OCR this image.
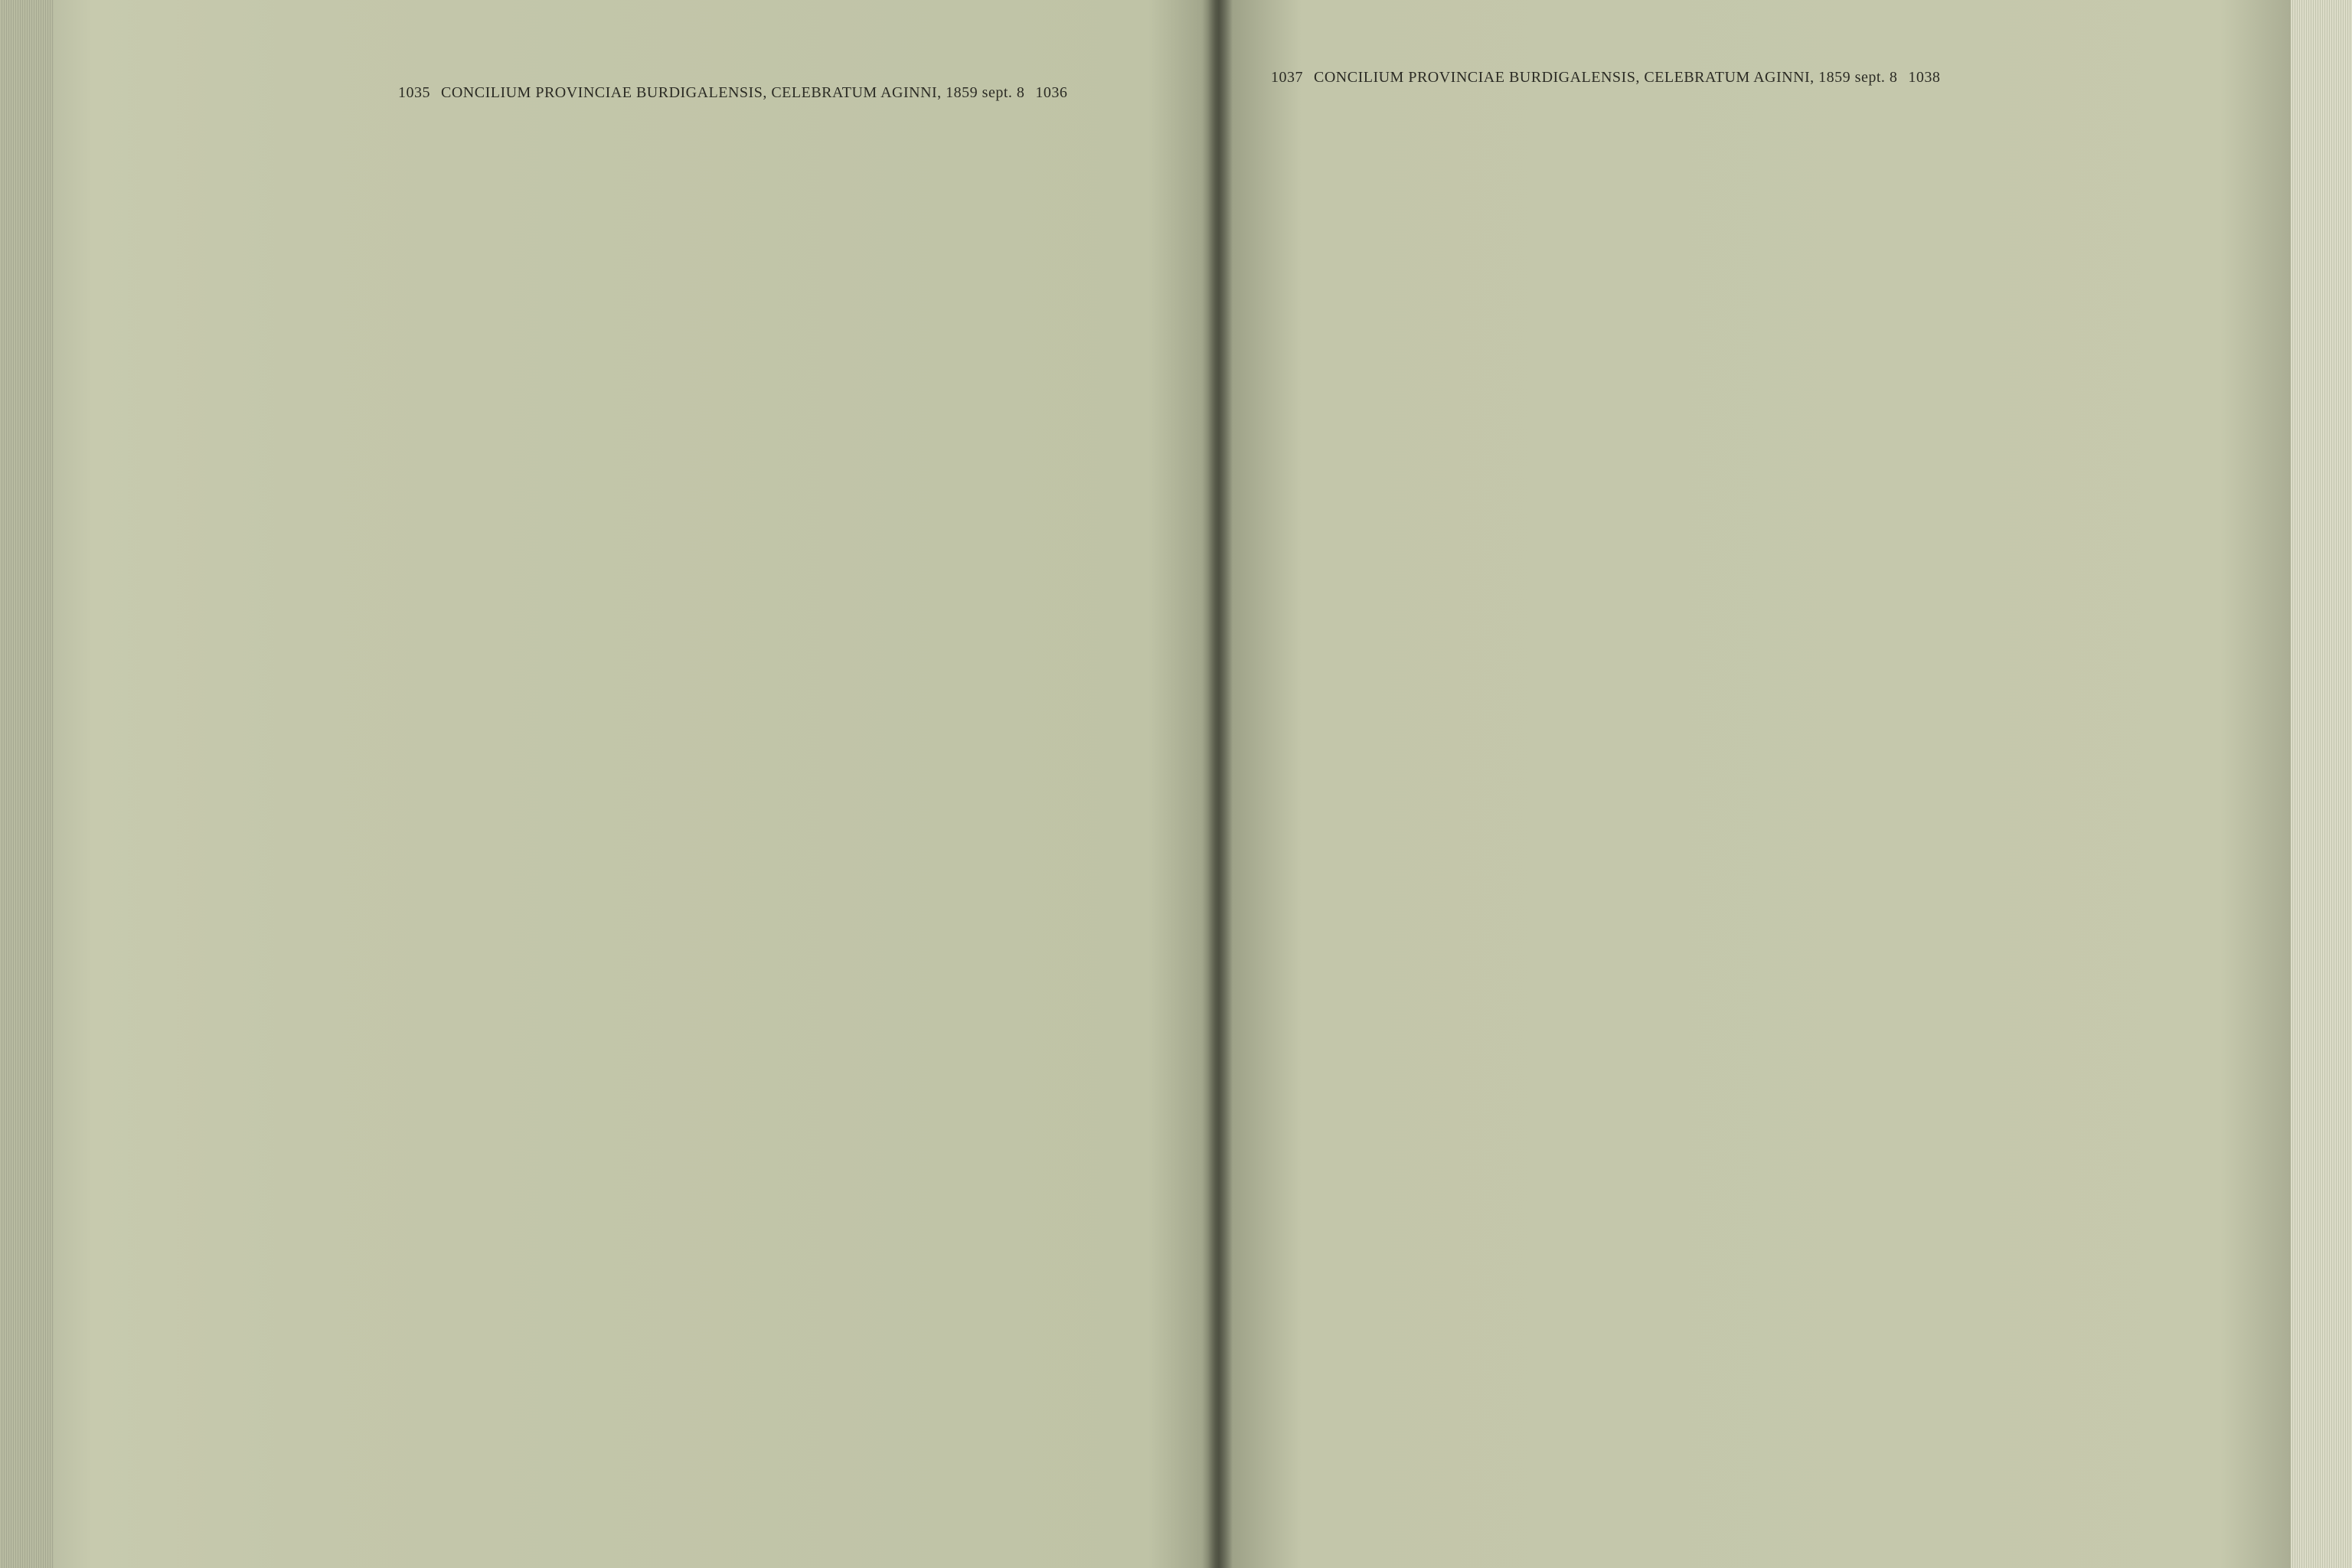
1035 CONCILIUM PROVINCIAE BURDIGALENSIS, CELEBRATUM AGINNI, 1859 sept. 8 1036
1037 CONCILIUM PROVINCIAE BURDIGALENSIS, CELEBRATUM AGINNI, 1859 sept. 8 1038
